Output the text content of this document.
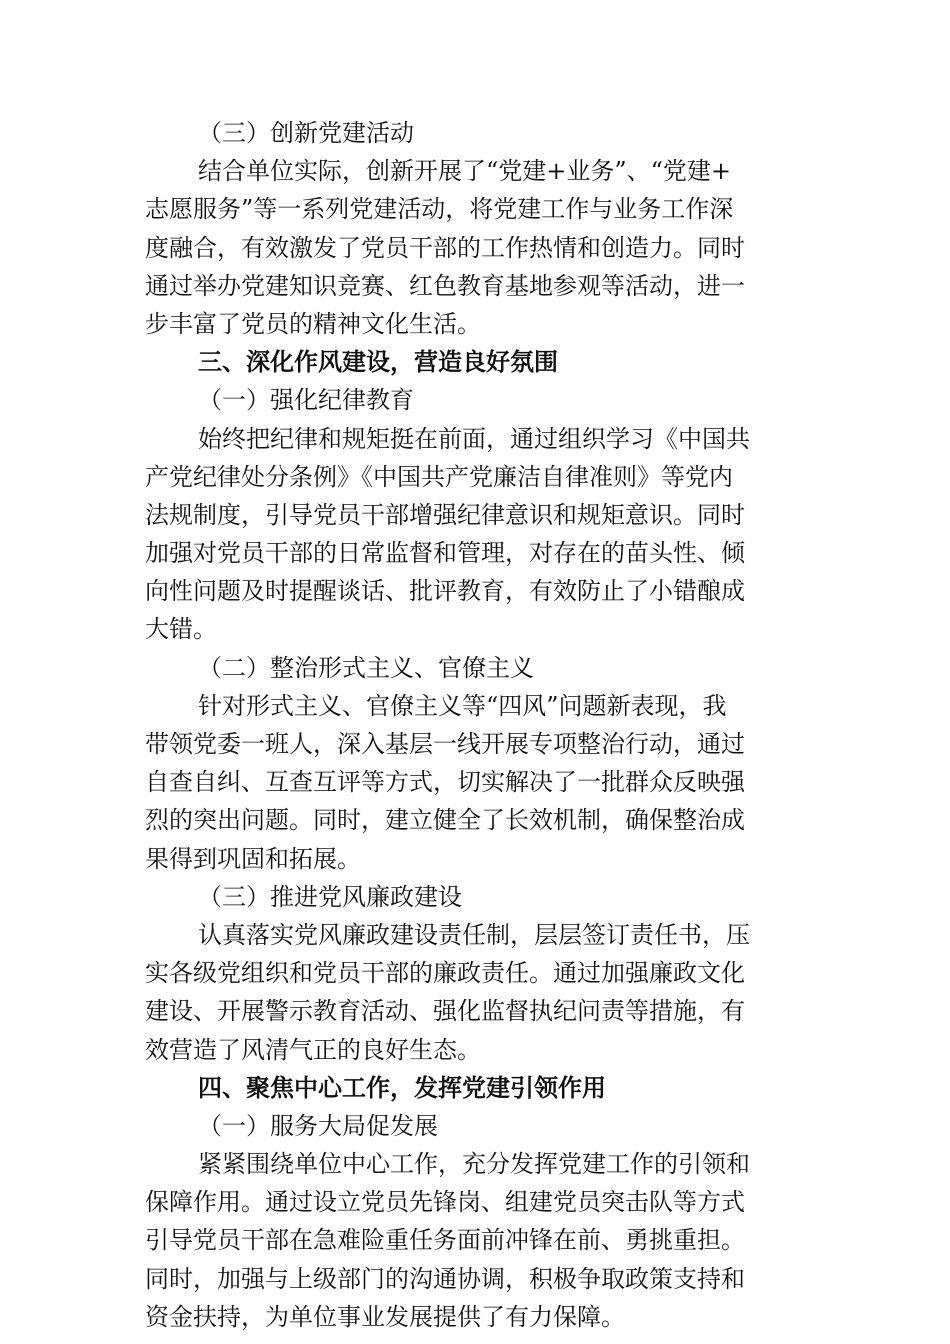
（三）创新党建活动
结合单位实际，创新开展了“党建+业务”、“党建+
志愿服务”等一系列党建活动，将党建工作与业务工作深
度融合，有效激发了党员干部的工作热情和创造力。同时
通过举办党建知识竞赛、红色教育基地参观等活动，进一
步丰富了党员的精神文化生活。
三、深化作风建设，营造良好氛围
（一）强化纪律教育
始终把纪律和规矩挺在前面，通过组织学习《中国共
产党纪律处分条例》《中国共产党廉洁自律准则》等党内
法规制度，引导党员干部增强纪律意识和规矩意识。同时
加强对党员干部的日常监督和管理，对存在的苗头性、倾
向性问题及时提醒谈话、批评教育，有效防止了小错酿成
大错。
（二）整治形式主义、官僚主义
针对形式主义、官僚主义等“四风”问题新表现，我
带领党委一班人，深入基层一线开展专项整治行动，通过
自查自纠、互查互评等方式，切实解决了一批群众反映强
烈的突出问题。同时，建立健全了长效机制，确保整治成
果得到巩固和拓展。
（三）推进党风廉政建设
认真落实党风廉政建设责任制，层层签订责任书，压
实各级党组织和党员干部的廉政责任。通过加强廉政文化
建设、开展警示教育活动、强化监督执纪问责等措施，有
效营造了风清气正的良好生态。
四、聚焦中心工作，发挥党建引领作用
（一）服务大局促发展
紧紧围绕单位中心工作，充分发挥党建工作的引领和
保障作用。通过设立党员先锋岗、组建党员突击队等方式
引导党员干部在急难险重任务面前冲锋在前、勇挑重担。
同时，加强与上级部门的沟通协调，积极争取政策支持和
资金扶持，为单位事业发展提供了有力保障。
